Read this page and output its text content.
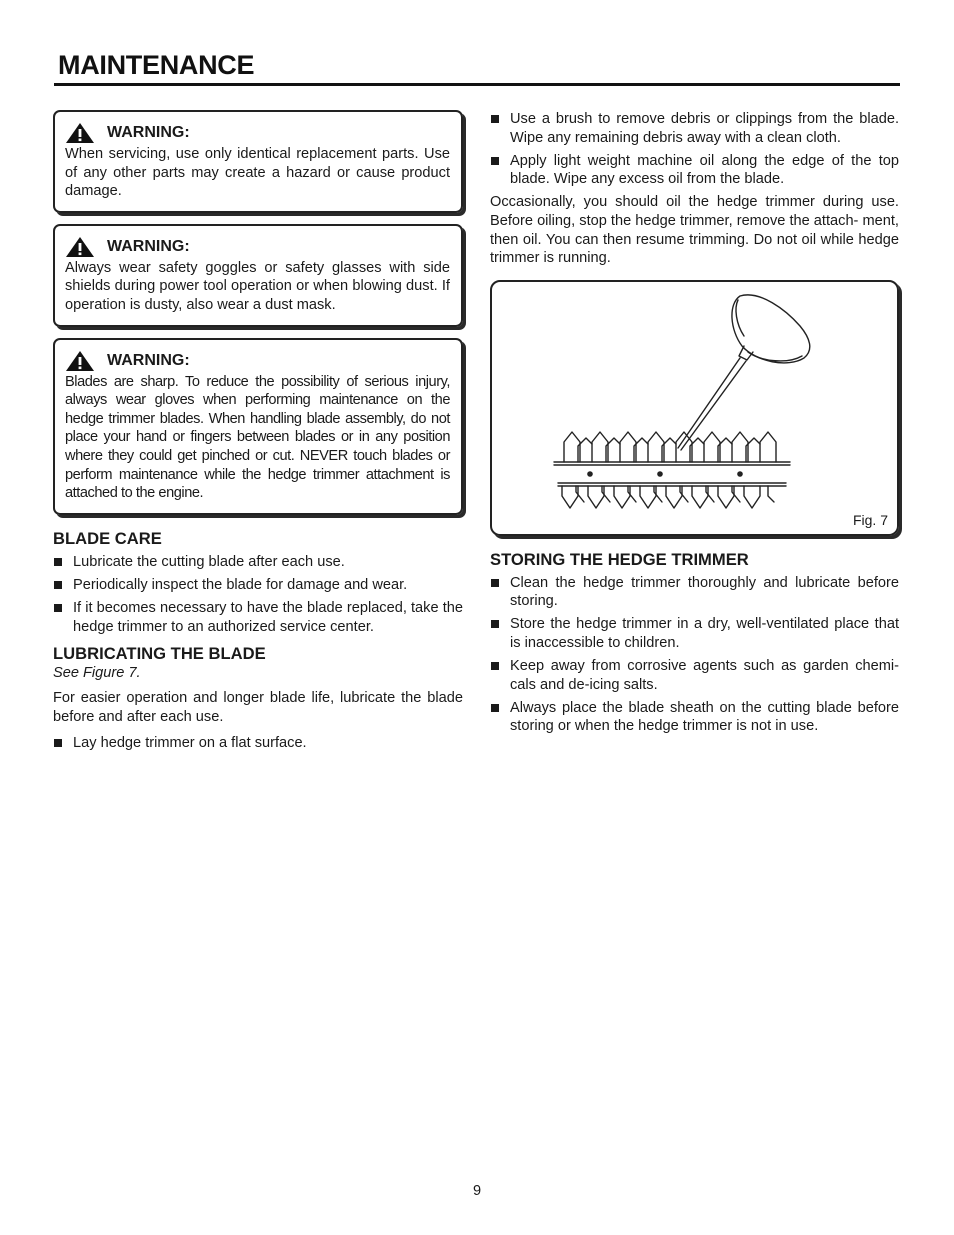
MAINTENANCE
WARNING:

When servicing, use only identical replacement parts. Use of any other parts may create a hazard or cause product damage.

WARNING:

Always wear safety goggles or safety glasses with side shields during power tool operation or when blowing dust. If operation is dusty, also wear a dust mask.

WARNING:

Blades are sharp. To reduce the possibility of serious injury, always wear gloves when performing maintenance on the hedge trimmer blades. When handling blade assembly, do not place your hand or fingers between blades or in any position where they could get pinched or cut. NEVER touch blades or perform maintenance while the hedge trimmer attachment is attached to the engine.

BLADE CARE
Lubricate the cutting blade after each use.
Periodically inspect the blade for damage and wear.
If it becomes necessary to have the blade replaced, take the hedge trimmer to an authorized service center.
LUBRICATING THE BLADE

See Figure 7.

For easier operation and longer blade life, lubricate the blade before and after each use.

Lay hedge trimmer on a flat surface.
Use a brush to remove debris or clippings from the blade. Wipe any remaining debris away with a clean cloth.
Apply light weight machine oil along the edge of the top blade. Wipe any excess oil from the blade.

Occasionally, you should oil the hedge trimmer during use. Before oiling, stop the hedge trimmer, remove the attach- ment, then oil. You can then resume trimming. Do not oil while hedge trimmer is running.

Fig. 7
STORING THE HEDGE TRIMMER
Clean the hedge trimmer thoroughly and lubricate before storing.
Store the hedge trimmer in a dry, well-ventilated place that is inaccessible to children.
Keep away from corrosive agents such as garden chemi- cals and de-icing salts.
Always place the blade sheath on the cutting blade before storing or when the hedge trimmer is not in use.
9
